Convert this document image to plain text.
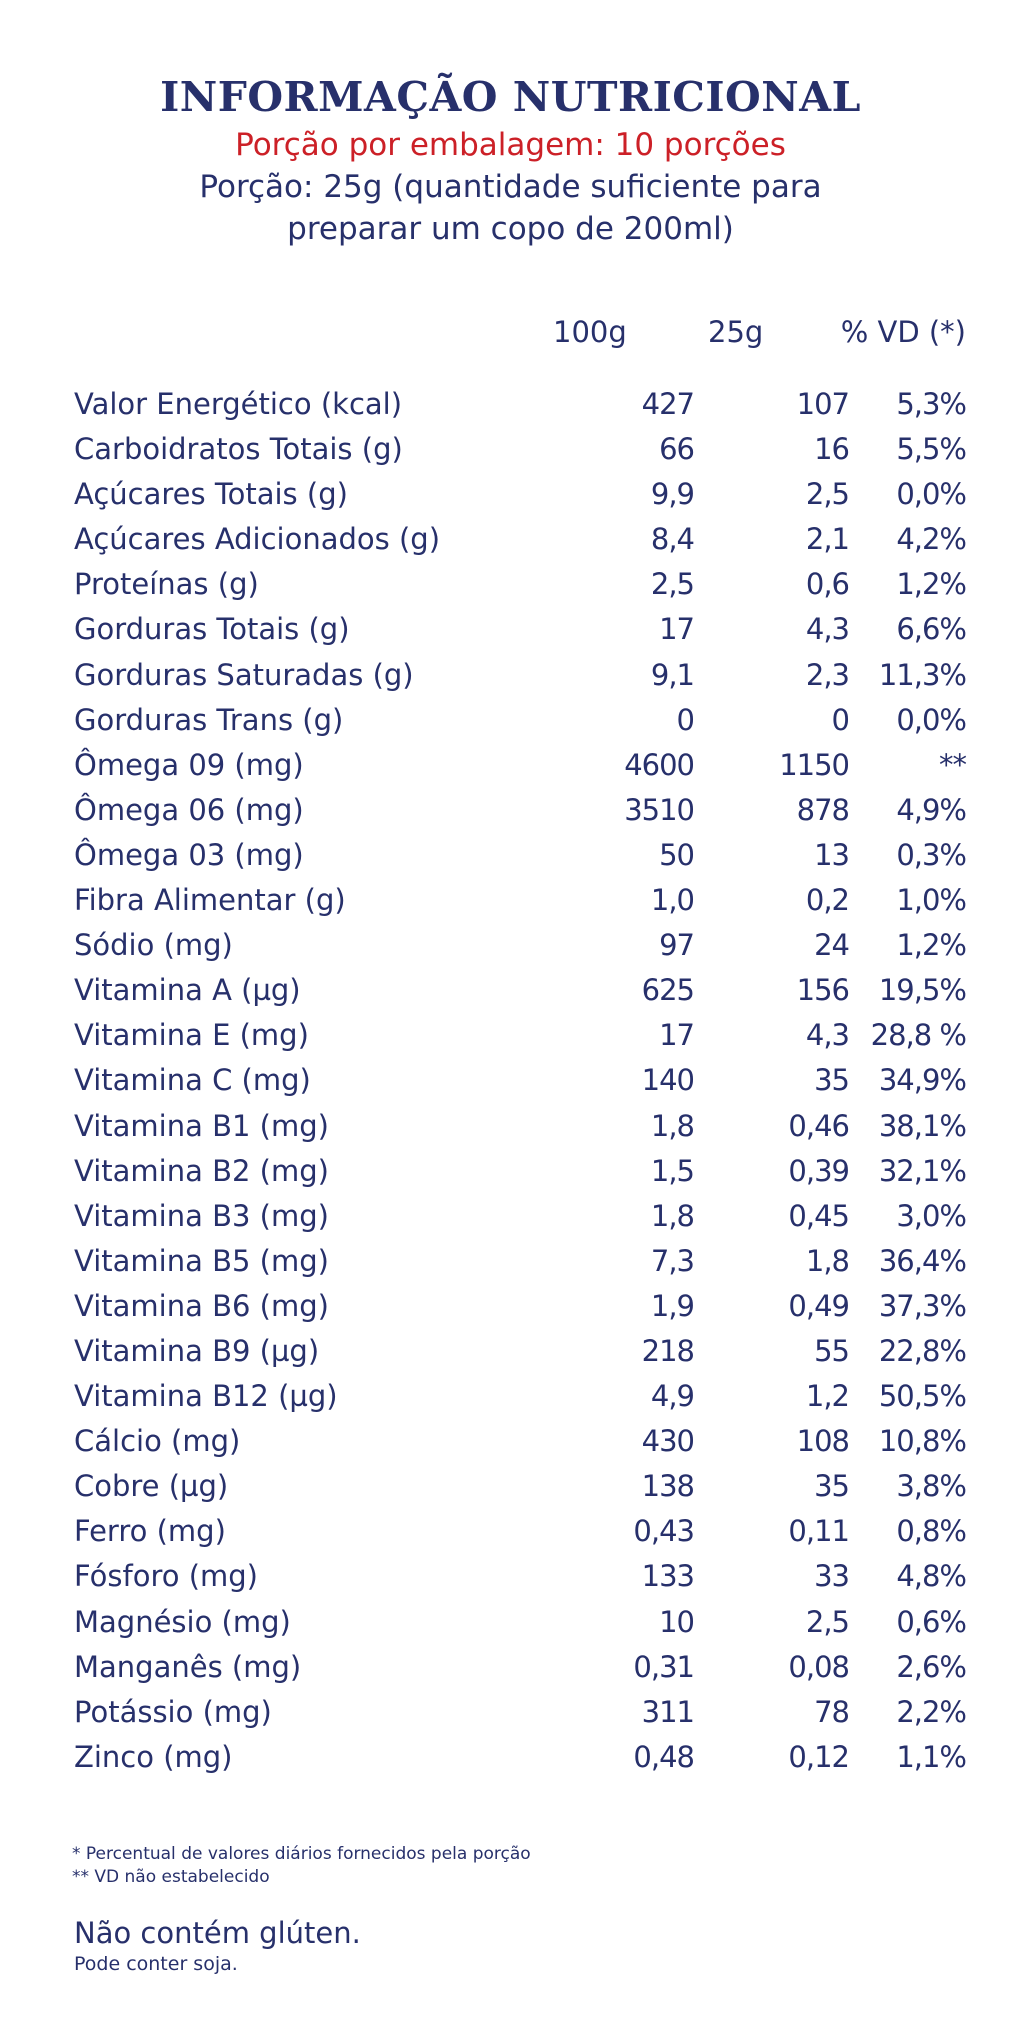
INFORMAÇÃO NUTRICIONAL
Porção por embalagem: 10 porções
Porção: 25g (quantidade suficiente para preparar um copo de 200ml)
100g	25g	% VD (*)
Valor Energético (kcal)	427	107 5,3%
Carboidratos Totais (g)	66	16 5,5%
Açúcares Totais (g)	9,9	2,5 0,0%
Açúcares Adicionados (g)	8,4	2,1 4,2%
Proteínas (g)	2,5	0,6 1,2%
Gorduras Totais (g)	17	4,3 6,6%
Gorduras Saturadas (g)	9,1	2,3 11,3%
Gorduras Trans (g)	0	0 0,0%
Ômega 09 (mg)	4600	1150	**
Ômega 06 (mg)	3510	878 4,9%
Ômega 03 (mg)	50	13 0,3%
Fibra Alimentar (g)	1,0	0,2 1,0%
Sódio (mg)	97	24 1,2%
Vitamina A (µg)	625	156 19,5%
Vitamina E (mg)	17	4,3 28,8 %
Vitamina C (mg)	140	35 34,9%
Vitamina B1 (mg)	1,8	0,46 38,1%
Vitamina B2 (mg)	1,5	0,39 32,1%
Vitamina B3 (mg)	1,8	0,45 3,0%
Vitamina B5 (mg)	7,3	1,8 36,4%
Vitamina B6 (mg)	1,9	0,49 37,3%
Vitamina B9 (µg)	218	55 22,8%
Vitamina B12 (µg)	4,9	1,2 50,5%
Cálcio (mg)	430	108 10,8%
Cobre (µg)	138	35 3,8%
Ferro (mg)	0,43	0,11 0,8%
Fósforo (mg)	133	33 4,8%
Magnésio (mg)	10	2,5 0,6%
Manganês (mg)	0,31	0,08 2,6%
Potássio (mg)	311	78 2,2%
Zinco (mg)	0,48	0,12 1,1%
* Percentual de valores diários fornecidos pela porção
** VD não estabelecido
Não contém glúten.
Pode conter soja.
